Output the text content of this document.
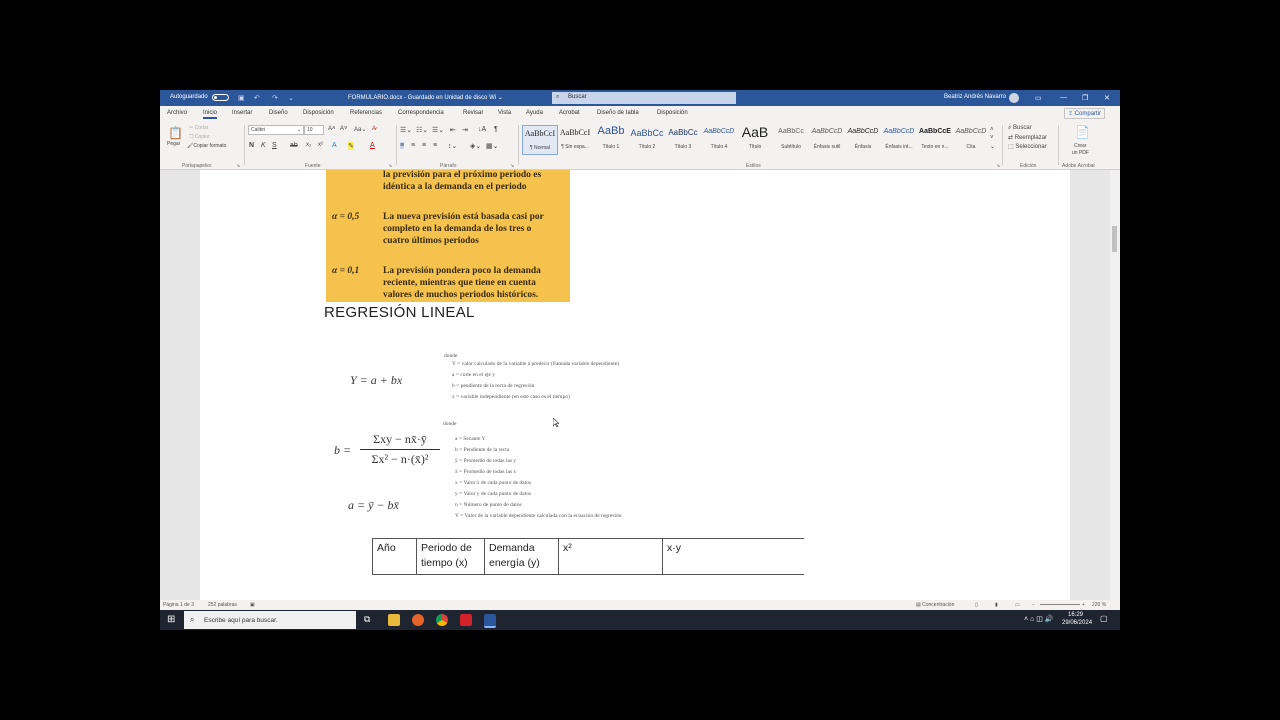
Autoguardado	▣ ↶ ↷ ⌄	FORMULARIO.docx - Guardado en Unidad de disco Wi ⌄	⌕ Buscar	Beatriz Andrés Navarro	▭	— ❐ ✕
Archivo	Inicio Insertar	Diseño	Disposición	Referencias	Correspondencia	Revisar Vista Ayuda	Acrobat	Diseño de tabla	Disposición	⇪ Compartir
📋
Pegar
✂ Cortar
❐ Copiar
🖌Copiar formato
Portapapeles	↘
Calibri	⌄ 10	A˄ A˅ Aa⌄ A̷
N K S ab x₂ x² A ✎ A
Fuente	↘
☰⌄ ☷⌄ ☰⌄ ⇤ ⇥ ↓A ¶
≡ ≡ ≡ ≡ ↕⌄ ◈⌄ ▦⌄
Párrafo	↘
AaBbCcI
¶ Normal
AaBbCcI
¶ Sin espa...
AaBb
Título 1
AaBbCc
Título 2
AaBbCc
Título 3
AaBbCcD
Título 4
AaB
Título
AaBbCc
Subtítulo
AaBbCcD
Énfasis sutil
AaBbCcD
Énfasis
AaBbCcD
Énfasis int...
AaBbCcE
Texto en n...
AaBbCcD
Cita
˄
˅
⌄
Estilos	↘
⌕ Buscar
⇄ Reemplazar
⬚ Seleccionar
Edición
📄
Crear
un PDF
Adobe Acrobat
la previsión para el próximo periodo es
idéntica a la demanda en el periodo
α = 0,5 La nueva previsión está basada casi por
completo en la demanda de los tres o
cuatro últimos periodos
α = 0,1 La previsión pondera poco la demanda
reciente, mientras que tiene en cuenta
valores de muchos periodos históricos.
REGRESIÓN LINEAL
Y = a + bx
donde
Y = valor calculado de la variable a predecir (llamada variable dependiente)
a = corte en el eje y
b = pendiente de la recta de regresión
x = variable independiente (en este caso es el tiempo)
b =
Σxy − nx̄·ȳ
Σx² − n·(x̄)²
a = ȳ − bx̄
donde
a = Secante Y
b = Pendiente de la recta
ȳ = Promedio de todas las y
x̄ = Promedio de todas las x
x = Valor x de cada punto de datos
y = Valor y de cada punto de datos
n = Número de punto de datos
Y = Valor de la variable dependiente calculada con la ecuación de regresión
Año	Periodo de tiempo (x)
Demanda energía (y)
x²	x·y
Página 1 de 3	252 palabras	▣	▤ Concentración	▯	▮	▭ −	+ 220 %
⊞ ⌕ Escribe aquí para buscar.	⧉	˄ ⌂ ◫ 🔊
16:29
29/06/2024 ▢
